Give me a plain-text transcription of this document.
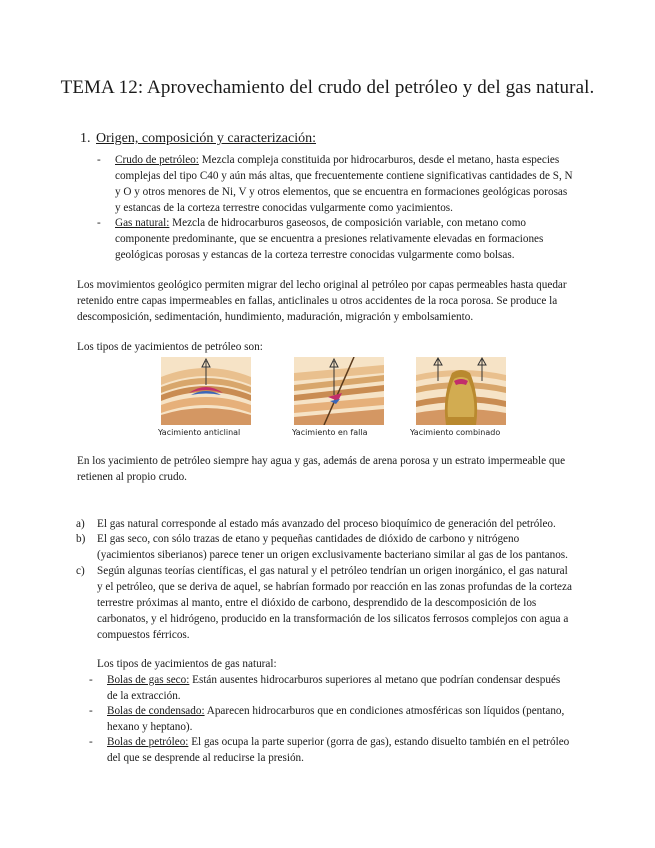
TEMA 12: Aprovechamiento del crudo del petróleo y del gas natural.
1. Origen, composición y caracterización:
- Crudo de petróleo: Mezcla compleja constituida por hidrocarburos, desde el metano, hasta especies
complejas del tipo C40 y aún más altas, que frecuentemente contiene significativas cantidades de S, N
y O y otros menores de Ni, V y otros elementos, que se encuentra en formaciones geológicas porosas
y estancas de la corteza terrestre conocidas vulgarmente como yacimientos.
- Gas natural: Mezcla de hidrocarburos gaseosos, de composición variable, con metano como
componente predominante, que se encuentra a presiones relativamente elevadas en formaciones
geológicas porosas y estancas de la corteza terrestre conocidas vulgarmente como bolsas.
Los movimientos geológico permiten migrar del lecho original al petróleo por capas permeables hasta quedar
retenido entre capas impermeables en fallas, anticlinales u otros accidentes de la roca porosa. Se produce la
descomposición, sedimentación, hundimiento, maduración, migración y embolsamiento.
Los tipos de yacimientos de petróleo son:
Yacimiento anticlinal	Yacimiento en falla	Yacimiento combinado
En los yacimiento de petróleo siempre hay agua y gas, además de arena porosa y un estrato impermeable que
retienen al propio crudo.
a) El gas natural corresponde al estado más avanzado del proceso bioquímico de generación del petróleo.
b) El gas seco, con sólo trazas de etano y pequeñas cantidades de dióxido de carbono y nitrógeno
(yacimientos siberianos) parece tener un origen exclusivamente bacteriano similar al gas de los pantanos.
c) Según algunas teorías científicas, el gas natural y el petróleo tendrían un origen inorgánico, el gas natural
y el petróleo, que se deriva de aquel, se habrían formado por reacción en las zonas profundas de la corteza
terrestre próximas al manto, entre el dióxido de carbono, desprendido de la descomposición de los
carbonatos, y el hidrógeno, producido en la transformación de los silicatos ferrosos complejos con agua a
compuestos férricos.
Los tipos de yacimientos de gas natural:
- Bolas de gas seco: Están ausentes hidrocarburos superiores al metano que podrían condensar después
de la extracción.
- Bolas de condensado: Aparecen hidrocarburos que en condiciones atmosféricas son líquidos (pentano,
hexano y heptano).
- Bolas de petróleo: El gas ocupa la parte superior (gorra de gas), estando disuelto también en el petróleo
del que se desprende al reducirse la presión.
